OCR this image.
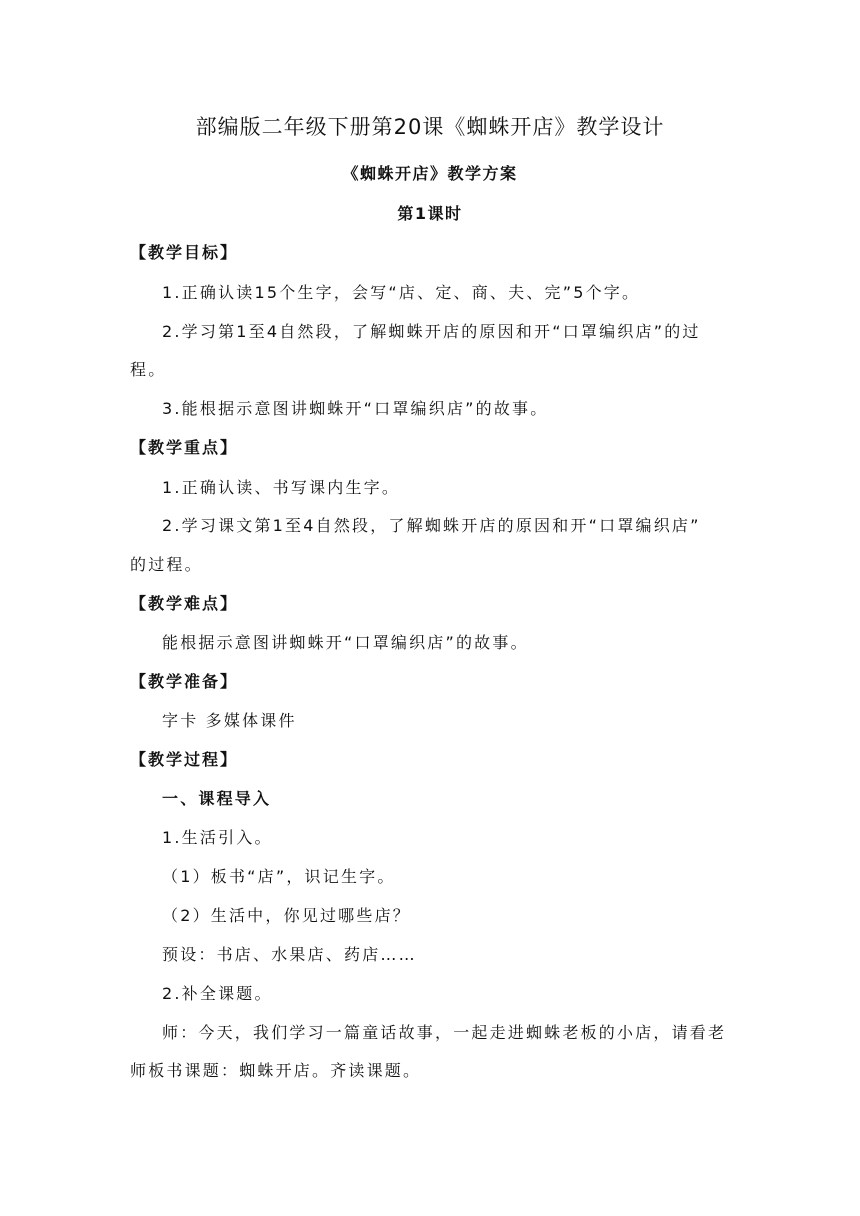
部编版二年级下册第20课《蜘蛛开店》教学设计
《蜘蛛开店》教学方案
第1课时
【教学目标】
1.正确认读15个生字，会写“店、定、商、夫、完”5个字。
2.学习第1至4自然段，了解蜘蛛开店的原因和开“口罩编织店”的过
程。
3.能根据示意图讲蜘蛛开“口罩编织店”的故事。
【教学重点】
1.正确认读、书写课内生字。
2.学习课文第1至4自然段，了解蜘蛛开店的原因和开“口罩编织店”
的过程。
【教学难点】
能根据示意图讲蜘蛛开“口罩编织店”的故事。
【教学准备】
字卡 多媒体课件
【教学过程】
一、课程导入
1.生活引入。
（1）板书“店”，识记生字。
（2）生活中，你见过哪些店？
预设：书店、水果店、药店……
2.补全课题。
师：今天，我们学习一篇童话故事，一起走进蜘蛛老板的小店，请看老
师板书课题：蜘蛛开店。齐读课题。
